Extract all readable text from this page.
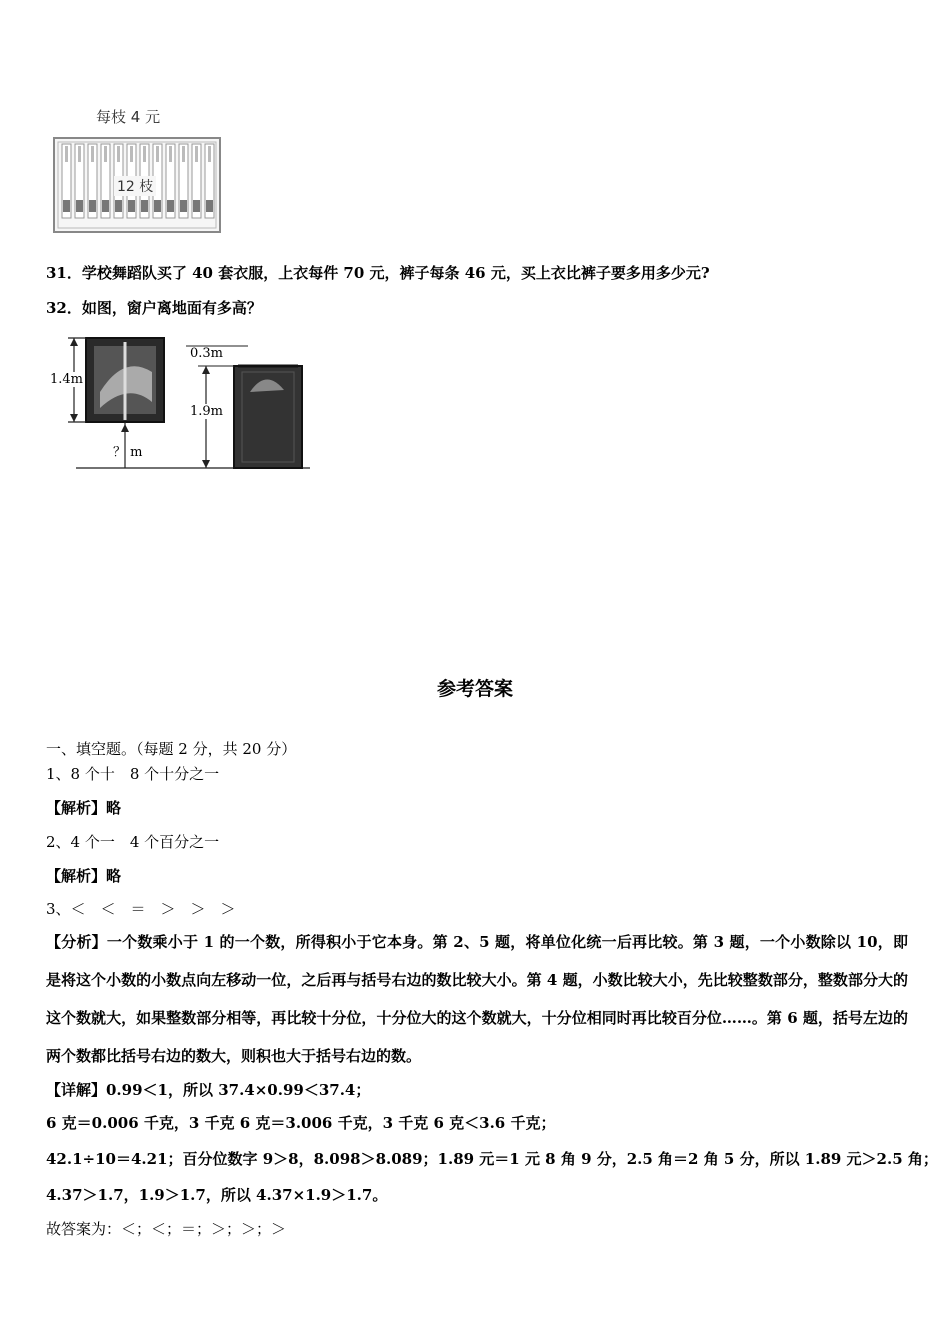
每枝 4 元
12 枝
31．学校舞蹈队买了 40 套衣服，上衣每件 70 元，裤子每条 46 元，买上衣比裤子要多用多少元?
32．如图，窗户离地面有多高？
1.4m
？ m
0.3m
1.9m
参考答案
一、填空题。（每题 2 分，共 20 分）
1、8 个十　8 个十分之一
【解析】略
2、4 个一　4 个百分之一
【解析】略
3、＜　＜　＝　＞　＞　＞
【分析】一个数乘小于 1 的一个数，所得积小于它本身。第 2、5 题，将单位化统一后再比较。第 3 题，一个小数除以 10，即是将这个小数的小数点向左移动一位，之后再与括号右边的数比较大小。第 4 题，小数比较大小，先比较整数部分，整数部分大的这个数就大，如果整数部分相等，再比较十分位，十分位大的这个数就大，十分位相同时再比较百分位……。第 6 题，括号左边的两个数都比括号右边的数大，则积也大于括号右边的数。
【详解】0.99＜1，所以 37.4×0.99＜37.4；
6 克＝0.006 千克，3 千克 6 克＝3.006 千克，3 千克 6 克＜3.6 千克；
42.1÷10＝4.21；百分位数字 9＞8，8.098＞8.089；1.89 元＝1 元 8 角 9 分，2.5 角＝2 角 5 分，所以 1.89 元＞2.5 角；
4.37＞1.7，1.9＞1.7，所以 4.37×1.9＞1.7。
故答案为：＜；＜；＝；＞；＞；＞
